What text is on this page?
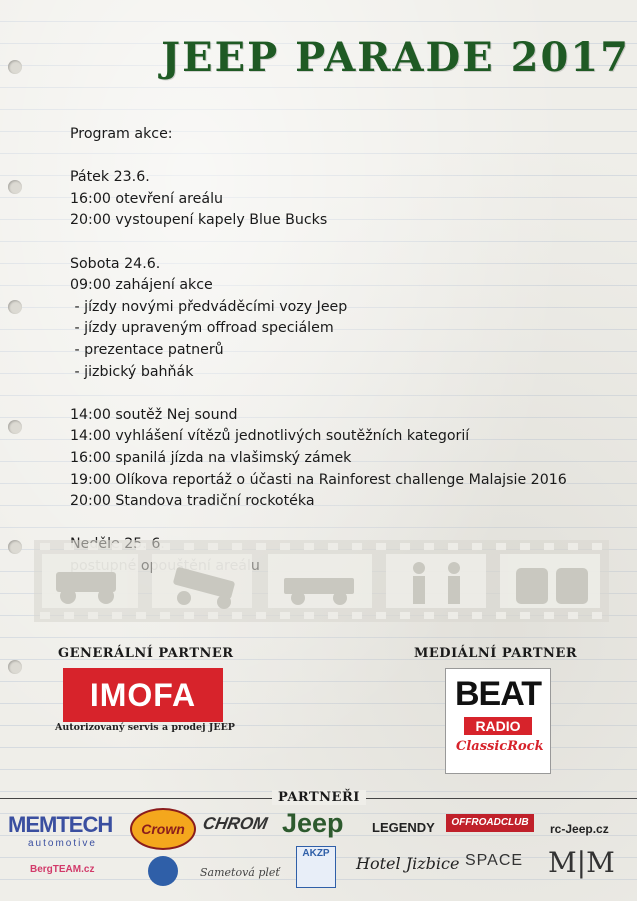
JEEP PARADE 2017
Program akce:
Pátek 23.6.
16:00 otevření areálu
20:00 vystoupení kapely Blue Bucks
Sobota 24.6.
09:00 zahájení akce
- jízdy novými předváděcími vozy Jeep
- jízdy upraveným offroad speciálem
- prezentace patnerů
- jizbický bahňák
14:00 soutěž Nej sound
14:00 vyhlášení vítězů jednotlivých soutěžních kategorií
16:00 spanilá jízda na vlašimský zámek
19:00 Olíkova reportáž o účasti na Rainforest challenge Malajsie 2016
20:00 Standova tradiční rockotéka
GENERÁLNÍ PARTNER
IMOFA
Autorizovaný servis a prodej JEEP
MEDIÁLNÍ PARTNER
BEAT
RADIO
ClassicRock
PARTNEŘI
MEMTECH
automotive
Crown CHROM Jeep LEGENDY	OFFROADCLUB	rc-Jeep.cz
BergTEAM.cz	Sametová pleť
AKZP
Hotel Jizbice SPACE M|M
